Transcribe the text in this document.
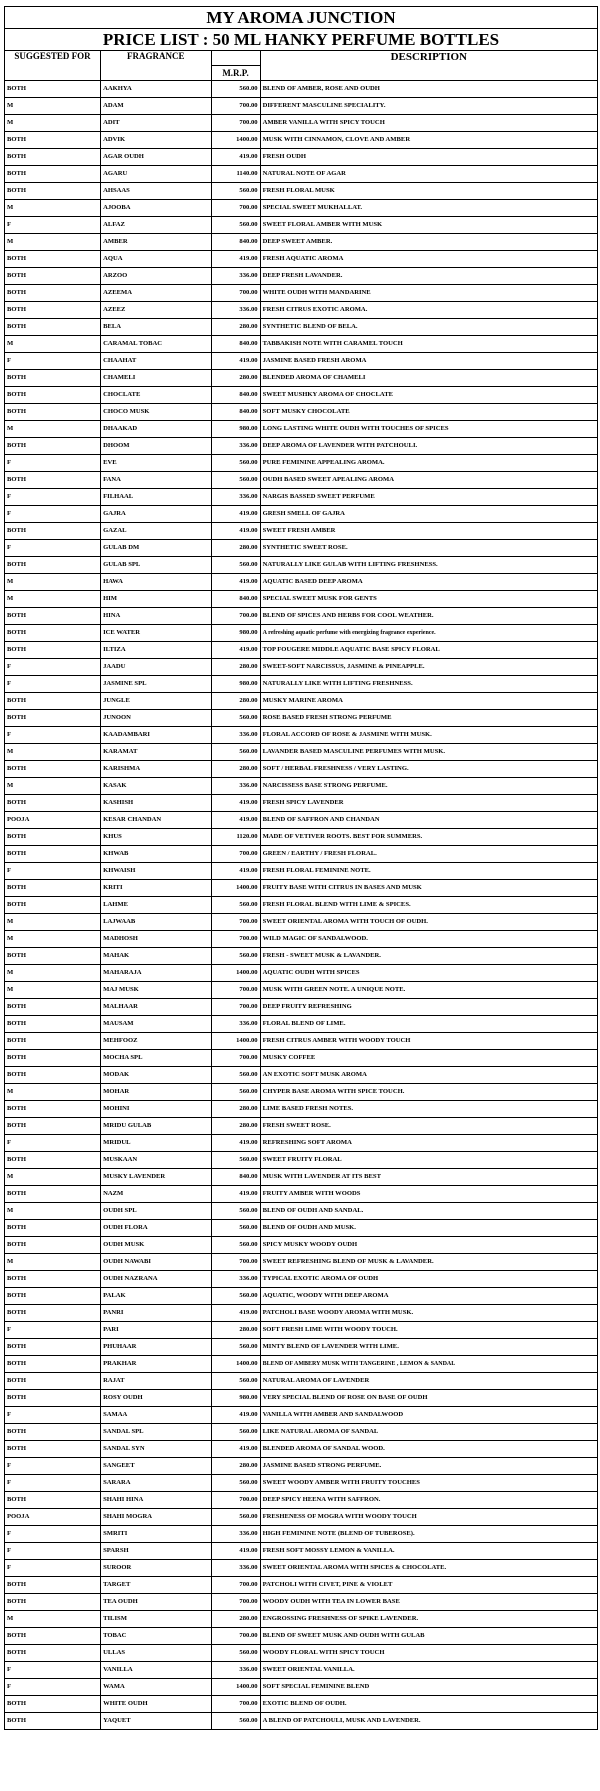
MY AROMA JUNCTION
PRICE LIST : 50 ML HANKY PERFUME BOTTLES
SUGGESTED FOR	FRAGRANCE		DESCRIPTION
		M.R.P.	
BOTH	AAKHYA	560.00	BLEND OF AMBER, ROSE AND OUDH
M	ADAM	700.00	DIFFERENT MASCULINE SPECIALITY.
M	ADIT	700.00	AMBER VANILLA WITH SPICY TOUCH
BOTH	ADVIK	1400.00	MUSK WITH CINNAMON, CLOVE AND AMBER
BOTH	AGAR OUDH	419.00	FRESH OUDH
BOTH	AGARU	1140.00	NATURAL NOTE OF AGAR
BOTH	AHSAAS	560.00	FRESH FLORAL MUSK
M	AJOOBA	700.00	SPECIAL SWEET MUKHALLAT.
F	ALFAZ	560.00	SWEET FLORAL AMBER WITH MUSK
M	AMBER	840.00	DEEP SWEET AMBER.
BOTH	AQUA	419.00	FRESH AQUATIC AROMA
BOTH	ARZOO	336.00	DEEP FRESH LAVANDER.
BOTH	AZEEMA	700.00	WHITE OUDH WITH MANDARINE
BOTH	AZEEZ	336.00	FRESH CITRUS EXOTIC AROMA.
BOTH	BELA	280.00	SYNTHETIC BLEND OF BELA.
M	CARAMAL TOBAC	840.00	TABBAKISH NOTE WITH CARAMEL TOUCH
F	CHAAHAT	419.00	JASMINE BASED FRESH AROMA
BOTH	CHAMELI	280.00	BLENDED AROMA OF CHAMELI
BOTH	CHOCLATE	840.00	SWEET MUSHKY AROMA OF CHOCLATE
BOTH	CHOCO MUSK	840.00	SOFT MUSKY CHOCOLATE
M	DHAAKAD	980.00	LONG LASTING WHITE OUDH WITH TOUCHES OF SPICES
BOTH	DHOOM	336.00	DEEP AROMA OF LAVENDER WITH PATCHOULI.
F	EVE	560.00	PURE FEMININE APPEALING AROMA.
BOTH	FANA	560.00	OUDH BASED SWEET APEALING AROMA
F	FILHAAL	336.00	NARGIS BASSED SWEET PERFUME
F	GAJRA	419.00	GRESH SMELL OF GAJRA
BOTH	GAZAL	419.00	SWEET FRESH AMBER
F	GULAB DM	280.00	SYNTHETIC SWEET ROSE.
BOTH	GULAB SPL	560.00	NATURALLY LIKE GULAB WITH LIFTING FRESHNESS.
M	HAWA	419.00	AQUATIC BASED DEEP AROMA
M	HIM	840.00	SPECIAL SWEET MUSK FOR GENTS
BOTH	HINA	700.00	BLEND OF SPICES AND HERBS FOR COOL WEATHER.
BOTH	ICE WATER	980.00	A refreshing aquatic perfume with energizing fragrance experience.
BOTH	ILTIZA	419.00	TOP FOUGERE MIDDLE AQUATIC BASE SPICY FLORAL
F	JAADU	280.00	SWEET-SOFT NARCISSUS, JASMINE & PINEAPPLE.
F	JASMINE SPL	980.00	NATURALLY LIKE WITH LIFTING FRESHNESS.
BOTH	JUNGLE	280.00	MUSKY MARINE AROMA
BOTH	JUNOON	560.00	ROSE BASED FRESH STRONG PERFUME
F	KAADAMBARI	336.00	FLORAL ACCORD OF ROSE & JASMINE WITH MUSK.
M	KARAMAT	560.00	LAVANDER BASED MASCULINE PERFUMES WITH MUSK.
BOTH	KARISHMA	280.00	SOFT / HERBAL FRESHNESS / VERY LASTING.
M	KASAK	336.00	NARCISSESS BASE STRONG PERFUME.
BOTH	KASHISH	419.00	FRESH SPICY LAVENDER
POOJA	KESAR CHANDAN	419.00	BLEND OF SAFFRON AND CHANDAN
BOTH	KHUS	1120.00	MADE OF VETIVER ROOTS. BEST FOR SUMMERS.
BOTH	KHWAB	700.00	GREEN / EARTHY / FRESH FLORAL.
F	KHWAISH	419.00	FRESH FLORAL FEMININE NOTE.
BOTH	KRITI	1400.00	FRUITY BASE WITH CITRUS IN BASES AND MUSK
BOTH	LAHME	560.00	FRESH FLORAL BLEND WITH LIME & SPICES.
M	LAJWAAB	700.00	SWEET ORIENTAL AROMA WITH TOUCH OF OUDH.
M	MADHOSH	700.00	WILD MAGIC OF SANDALWOOD.
BOTH	MAHAK	560.00	FRESH - SWEET MUSK & LAVANDER.
M	MAHARAJA	1400.00	AQUATIC OUDH WITH SPICES
M	MAJ MUSK	700.00	MUSK WITH GREEN NOTE. A UNIQUE NOTE.
BOTH	MALHAAR	700.00	DEEP FRUITY REFRESHING
BOTH	MAUSAM	336.00	FLORAL BLEND OF LIME.
BOTH	MEHFOOZ	1400.00	FRESH CITRUS AMBER WITH WOODY TOUCH
BOTH	MOCHA SPL	700.00	MUSKY COFFEE
BOTH	MODAK	560.00	AN EXOTIC SOFT MUSK AROMA
M	MOHAR	560.00	CHYPER BASE AROMA WITH SPICE TOUCH.
BOTH	MOHINI	280.00	LIME BASED FRESH NOTES.
BOTH	MRIDU GULAB	280.00	FRESH SWEET ROSE.
F	MRIDUL	419.00	REFRESHING SOFT AROMA
BOTH	MUSKAAN	560.00	SWEET FRUITY FLORAL
M	MUSKY LAVENDER	840.00	MUSK WITH LAVENDER AT ITS BEST
BOTH	NAZM	419.00	FRUITY AMBER WITH WOODS
M	OUDH SPL	560.00	BLEND OF OUDH AND SANDAL.
BOTH	OUDH FLORA	560.00	BLEND OF OUDH AND MUSK.
BOTH	OUDH MUSK	560.00	SPICY MUSKY WOODY OUDH
M	OUDH NAWABI	700.00	SWEET REFRESHING BLEND OF MUSK & LAVANDER.
BOTH	OUDH NAZRANA	336.00	TYPICAL EXOTIC AROMA OF OUDH
BOTH	PALAK	560.00	AQUATIC, WOODY WITH DEEP AROMA
BOTH	PANRI	419.00	PATCHOLI BASE WOODY AROMA WITH MUSK.
F	PARI	280.00	SOFT FRESH LIME WITH WOODY TOUCH.
BOTH	PHUHAAR	560.00	MINTY BLEND OF LAVENDER WITH LIME.
BOTH	PRAKHAR	1400.00	BLEND OF AMBERY MUSK WITH TANGERINE , LEMON & SANDAL
BOTH	RAJAT	560.00	NATURAL AROMA OF LAVENDER
BOTH	ROSY OUDH	980.00	VERY SPECIAL BLEND OF ROSE ON BASE OF OUDH
F	SAMAA	419.00	VANILLA WITH AMBER AND SANDALWOOD
BOTH	SANDAL SPL	560.00	LIKE NATURAL AROMA OF SANDAL
BOTH	SANDAL SYN	419.00	BLENDED AROMA OF SANDAL WOOD.
F	SANGEET	280.00	JASMINE BASED STRONG PERFUME.
F	SARARA	560.00	SWEET WOODY AMBER WITH FRUITY TOUCHES
BOTH	SHAHI HINA	700.00	DEEP SPICY HEENA WITH SAFFRON.
POOJA	SHAHI MOGRA	560.00	FRESHENESS OF MOGRA WITH WOODY TOUCH
F	SMRITI	336.00	HIGH FEMININE NOTE (BLEND OF TUBEROSE).
F	SPARSH	419.00	FRESH SOFT MOSSY LEMON & VANILLA.
F	SUROOR	336.00	SWEET ORIENTAL AROMA WITH SPICES & CHOCOLATE.
BOTH	TARGET	700.00	PATCHOLI WITH CIVET, PINE & VIOLET
BOTH	TEA OUDH	700.00	WOODY OUDH WITH TEA IN LOWER BASE
M	TILISM	280.00	ENGROSSING FRESHNESS OF SPIKE LAVENDER.
BOTH	TOBAC	700.00	BLEND OF SWEET MUSK AND OUDH WITH GULAB
BOTH	ULLAS	560.00	WOODY FLORAL WITH SPICY TOUCH
F	VANILLA	336.00	SWEET ORIENTAL VANILLA.
F	WAMA	1400.00	SOFT SPECIAL FEMININE BLEND
BOTH	WHITE OUDH	700.00	EXOTIC BLEND OF OUDH.
BOTH	YAQUET	560.00	A BLEND OF PATCHOULI, MUSK AND LAVENDER.
